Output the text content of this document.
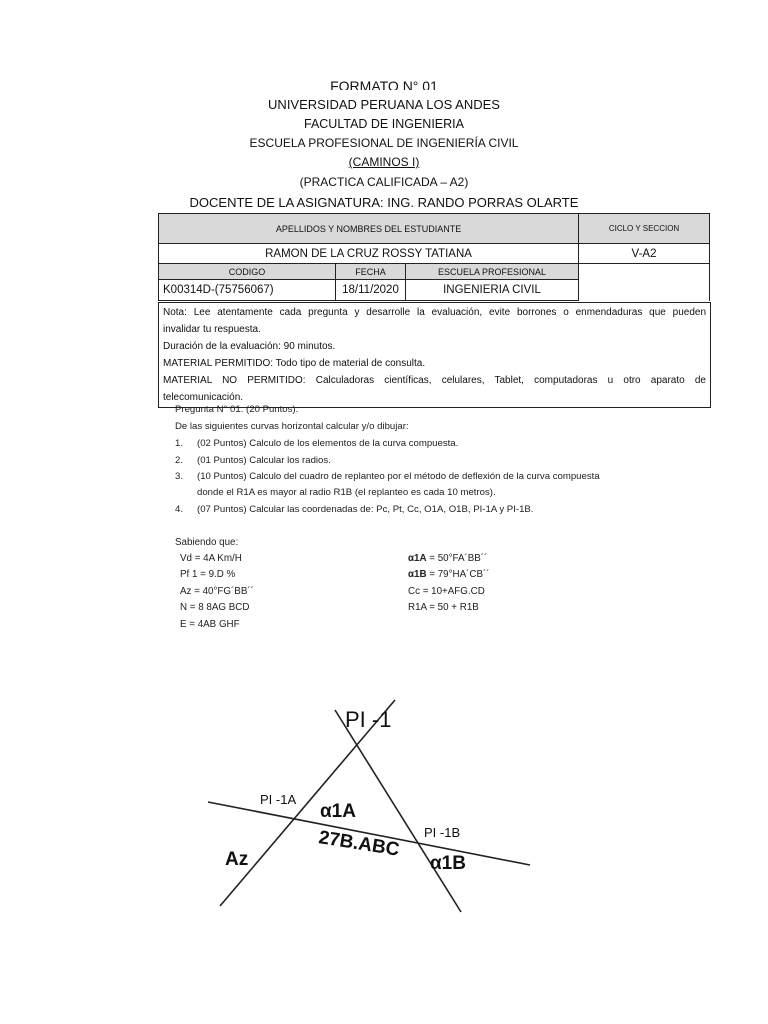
FORMATO N° 01
UNIVERSIDAD PERUANA LOS ANDES
FACULTAD DE INGENIERIA
ESCUELA PROFESIONAL DE INGENIERÍA CIVIL
(CAMINOS I)
(PRACTICA CALIFICADA – A2)
DOCENTE DE LA ASIGNATURA: ING. RANDO PORRAS OLARTE
APELLIDOS Y NOMBRES DEL ESTUDIANTE			CICLO Y SECCION	
RAMON DE LA CRUZ ROSSY TATIANA			V-A2	
CODIGO	FECHA	ESCUELA PROFESIONAL		
K00314D-(75756067)	18/11/2020	INGENIERIA CIVIL		
Nota: Lee atentamente cada pregunta y desarrolle la evaluación, evite borrones o enmendaduras que pueden
invalidar tu respuesta.
Duración de la evaluación: 90 minutos.
MATERIAL PERMITIDO: Todo tipo de material de consulta.
MATERIAL NO PERMITIDO: Calculadoras científicas, celulares, Tablet, computadoras u otro aparato de
telecomunicación.
Pregunta N° 01: (20 Puntos).
De las siguientes curvas horizontal calcular y/o dibujar:
1. (02 Puntos) Calculo de los elementos de la curva compuesta.
2. (01 Puntos) Calcular los radios.
3. (10 Puntos) Calculo del cuadro de replanteo por el método de deflexión de la curva compuesta
donde el R1A es mayor al radio R1B (el replanteo es cada 10 metros).
4. (07 Puntos) Calcular las coordenadas de: Pc, Pt, Cc, O1A, O1B, PI-1A y PI-1B.
Sabiendo que:
Vd = 4A Km/H
Pf 1 = 9.D %
Az = 40°FG´BB´´
N = 8 8AG BCD
E = 4AB GHF
α1A = 50°FA´BB´´
α1B = 79°HA´CB´´
Cc = 10+AFG.CD
R1A = 50 + R1B
PI -1
PI -1A
α1A
PI -1B
27B.ABC
Az	α1B
